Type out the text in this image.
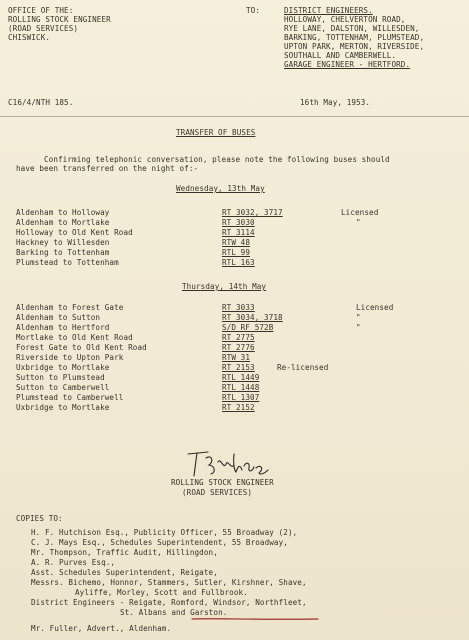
OFFICE OF THE:
ROLLING STOCK ENGINEER
(ROAD SERVICES)
CHISWICK.
TO:	DISTRICT ENGINEERS.
HOLLOWAY, CHELVERTON ROAD,
RYE LANE, DALSTON, WILLESDEN,
BARKING, TOTTENHAM, PLUMSTEAD,
UPTON PARK, MERTON, RIVERSIDE,
SOUTHALL AND CAMBERWELL.
GARAGE ENGINEER - HERTFORD.
C16/4/NTH 185.	16th May, 1953.
TRANSFER OF BUSES
Confirming telephonic conversation, please note the following buses should
have been transferred on the night of:-
Wednesday, 13th May
Aldenham to Holloway	RT 3032, 3717	Licensed
Aldenham to Mortlake	RT 3030	"
Holloway to Old Kent Road	RT 3114
Hackney to Willesden	RTW 48
Barking to Tottenham	RTL 99
Plumstead to Tottenham	RTL 163
Thursday, 14th May
Aldenham to Forest Gate	RT 3033	Licensed
Aldenham to Sutton	RT 3034, 3718	"
Aldenham to Hertford	S/D RF 572B	"
Mortlake to Old Kent Road	RT 2775
Forest Gate to Old Kent Road	RT 2776
Riverside to Upton Park	RTW 31
Uxbridge to Mortlake	RT 2153	Re-licensed
Sutton to Plumstead	RTL 1449
Sutton to Camberwell	RTL 1448
Plumstead to Camberwell	RTL 1307
Uxbridge to Mortlake	RT 2152
ROLLING STOCK ENGINEER
(ROAD SERVICES)
COPIES TO:
H. F. Hutchison Esq., Publicity Officer, 55 Broadway (2),
C. J. Mays Esq., Schedules Superintendent, 55 Broadway,
Mr. Thompson, Traffic Audit, Hillingdon,
A. R. Purves Esq.,
Asst. Schedules Superintendent, Reigate,
Messrs. Bichemo, Honnor, Stammers, Sutler, Kirshner, Shave,
Ayliffe, Morley, Scott and Fullbrook.
District Engineers - Reigate, Romford, Windsor, Northfleet,
St. Albans and Garston.
Mr. Fuller, Advert., Aldenham.
